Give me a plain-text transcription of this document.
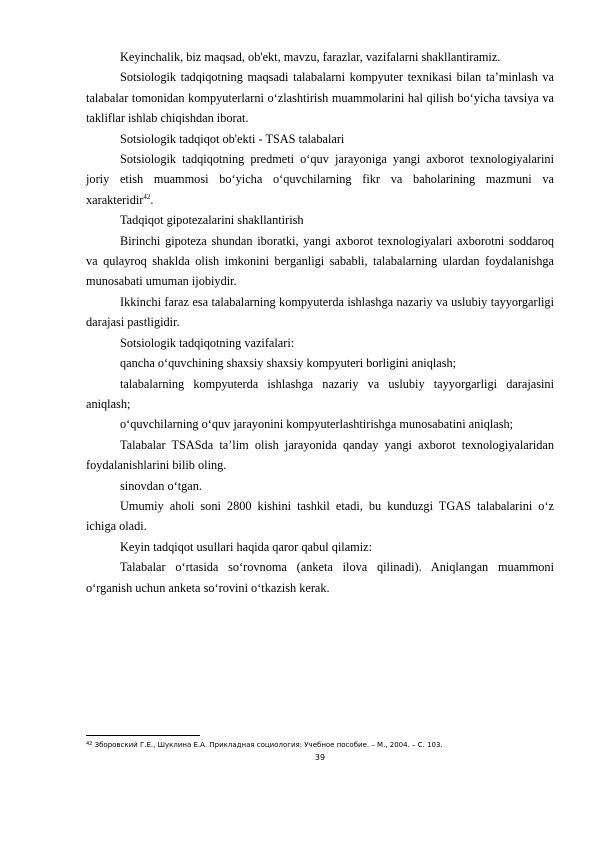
Keyinchalik, biz maqsad, ob'ekt, mavzu, farazlar, vazifalarni shakllantiramiz.

Sotsiologik tadqiqotning maqsadi talabalarni kompyuter texnikasi bilan ta’minlash va talabalar tomonidan kompyuterlarni o‘zlashtirish muammolarini hal qilish bo‘yicha tavsiya va takliflar ishlab chiqishdan iborat.

Sotsiologik tadqiqot ob'ekti - TSAS talabalari

Sotsiologik tadqiqotning predmeti o‘quv jarayoniga yangi axborot texnologiyalarini joriy etish muammosi bo‘yicha o‘quvchilarning fikr va baholarining mazmuni va xarakteridir$^{42}$.

Tadqiqot gipotezalarini shakllantirish

Birinchi gipoteza shundan iboratki, yangi axborot texnologiyalari axborotni soddaroq va qulayroq shaklda olish imkonini berganligi sababli, talabalarning ulardan foydalanishga munosabati umuman ijobiydir.

Ikkinchi faraz esa talabalarning kompyuterda ishlashga nazariy va uslubiy tayyorgarligi darajasi pastligidir.

Sotsiologik tadqiqotning vazifalari:

qancha o‘quvchining shaxsiy shaxsiy kompyuteri borligini aniqlash;

talabalarning kompyuterda ishlashga nazariy va uslubiy tayyorgarligi darajasini aniqlash;

o‘quvchilarning o‘quv jarayonini kompyuterlashtirishga munosabatini aniqlash;

Talabalar TSASda ta’lim olish jarayonida qanday yangi axborot texnologiyalaridan foydalanishlarini bilib oling.

sinovdan o‘tgan.

Umumiy aholi soni 2800 kishini tashkil etadi, bu kunduzgi TGAS talabalarini o‘z ichiga oladi.

Keyin tadqiqot usullari haqida qaror qabul qilamiz:

Talabalar o‘rtasida so‘rovnoma (anketa ilova qilinadi). Aniqlangan muammoni o‘rganish uchun anketa so‘rovini o‘tkazish kerak.

$^{42}$ Зборовский Г.Е., Шуклина Е.А. Прикладная социология: Учебное пособие. – М., 2004. – С. 103.
39
